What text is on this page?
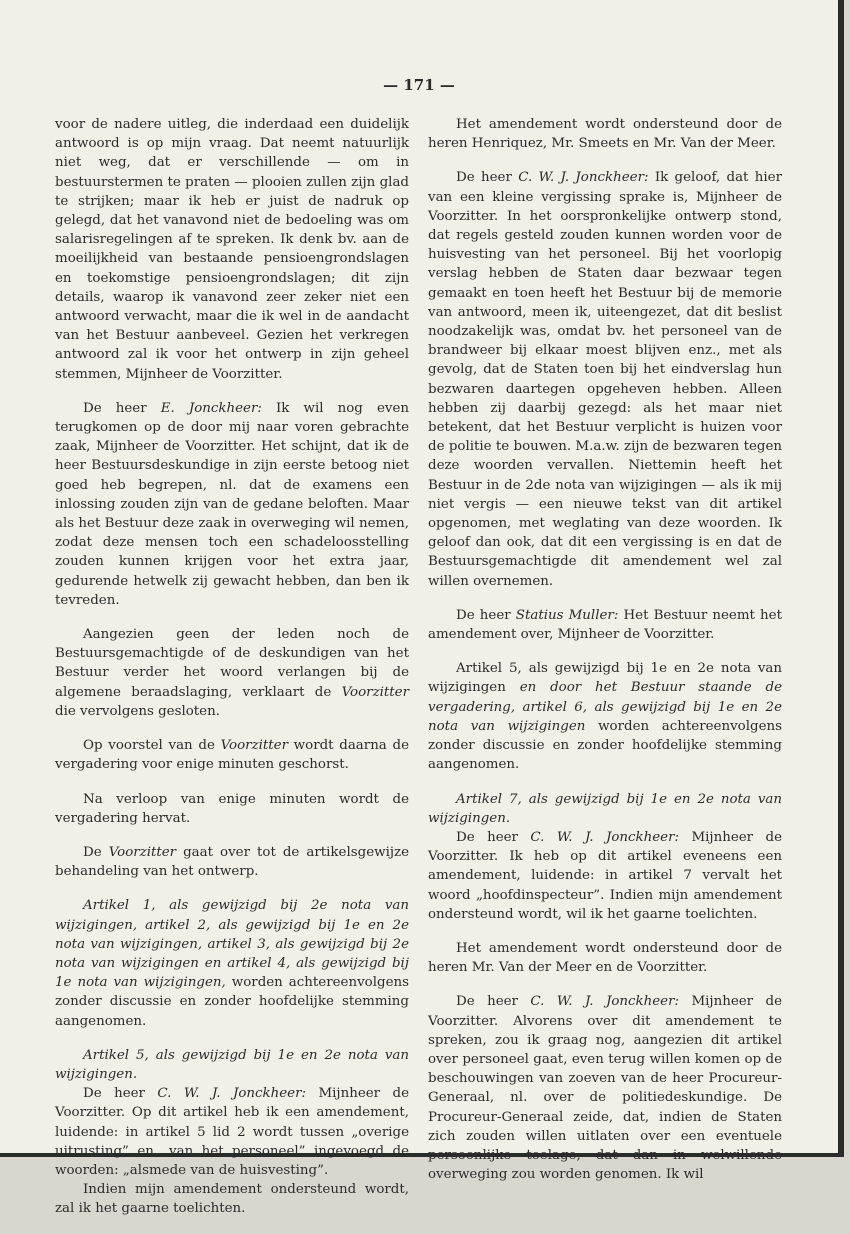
— 171 —

voor de nadere uitleg, die inderdaad een duidelijk antwoord is op mijn vraag. Dat neemt natuurlijk niet weg, dat er verschillende — om in bestuurstermen te praten — plooien zullen zijn glad te strijken; maar ik heb er juist de nadruk op gelegd, dat het vanavond niet de bedoeling was om salarisregelingen af te spreken. Ik denk bv. aan de moeilijkheid van bestaande pensioengrondslagen en toekomstige pensioengrondslagen; dit zijn details, waarop ik vanavond zeer zeker niet een antwoord verwacht, maar die ik wel in de aandacht van het Bestuur aanbeveel. Gezien het verkregen antwoord zal ik voor het ontwerp in zijn geheel stemmen, Mijnheer de Voorzitter.

De heer E. Jonckheer: Ik wil nog even terugkomen op de door mij naar voren gebrachte zaak, Mijnheer de Voorzitter. Het schijnt, dat ik de heer Bestuursdeskundige in zijn eerste betoog niet goed heb begrepen, nl. dat de examens een inlossing zouden zijn van de gedane beloften. Maar als het Bestuur deze zaak in overweging wil nemen, zodat deze mensen toch een schadeloosstelling zouden kunnen krijgen voor het extra jaar, gedurende hetwelk zij gewacht hebben, dan ben ik tevreden.

Aangezien geen der leden noch de Bestuursgemachtigde of de deskundigen van het Bestuur verder het woord verlangen bij de algemene beraadslaging, verklaart de Voorzitter die vervolgens gesloten.

Op voorstel van de Voorzitter wordt daarna de vergadering voor enige minuten geschorst.

Na verloop van enige minuten wordt de vergadering hervat.

De Voorzitter gaat over tot de artikelsgewijze behandeling van het ontwerp.

Artikel 1, als gewijzigd bij 2e nota van wijzigingen, artikel 2, als gewijzigd bij 1e en 2e nota van wijzigingen, artikel 3, als gewijzigd bij 2e nota van wijzigingen en artikel 4, als gewijzigd bij 1e nota van wijzigingen, worden achtereenvolgens zonder discussie en zonder hoofdelijke stemming aangenomen.

Artikel 5, als gewijzigd bij 1e en 2e nota van wijzigingen.

De heer C. W. J. Jonckheer: Mijnheer de Voorzitter. Op dit artikel heb ik een amendement, luidende: in artikel 5 lid 2 wordt tussen „overige uitrusting” en „van het personeel” ingevoegd de woorden: „alsmede van de huisvesting”.

Indien mijn amendement ondersteund wordt, zal ik het gaarne toelichten.

Het amendement wordt ondersteund door de heren Henriquez, Mr. Smeets en Mr. Van der Meer.

De heer C. W. J. Jonckheer: Ik geloof, dat hier van een kleine vergissing sprake is, Mijnheer de Voorzitter. In het oorspronkelijke ontwerp stond, dat regels gesteld zouden kunnen worden voor de huisvesting van het personeel. Bij het voorlopig verslag hebben de Staten daar bezwaar tegen gemaakt en toen heeft het Bestuur bij de memorie van antwoord, meen ik, uiteengezet, dat dit beslist noodzakelijk was, omdat bv. het personeel van de brandweer bij elkaar moest blijven enz., met als gevolg, dat de Staten toen bij het eindverslag hun bezwaren daartegen opgeheven hebben. Alleen hebben zij daarbij gezegd: als het maar niet betekent, dat het Bestuur verplicht is huizen voor de politie te bouwen. M.a.w. zijn de bezwaren tegen deze woorden vervallen. Niettemin heeft het Bestuur in de 2de nota van wijzigingen — als ik mij niet vergis — een nieuwe tekst van dit artikel opgenomen, met weglating van deze woorden. Ik geloof dan ook, dat dit een vergissing is en dat de Bestuursgemachtigde dit amendement wel zal willen overnemen.

De heer Statius Muller: Het Bestuur neemt het amendement over, Mijnheer de Voorzitter.

Artikel 5, als gewijzigd bij 1e en 2e nota van wijzigingen en door het Bestuur staande de vergadering, artikel 6, als gewijzigd bij 1e en 2e nota van wijzigingen worden achtereenvolgens zonder discussie en zonder hoofdelijke stemming aangenomen.

Artikel 7, als gewijzigd bij 1e en 2e nota van wijzigingen.

De heer C. W. J. Jonckheer: Mijnheer de Voorzitter. Ik heb op dit artikel eveneens een amendement, luidende: in artikel 7 vervalt het woord „hoofdinspecteur”. Indien mijn amendement ondersteund wordt, wil ik het gaarne toelichten.

Het amendement wordt ondersteund door de heren Mr. Van der Meer en de Voorzitter.

De heer C. W. J. Jonckheer: Mijnheer de Voorzitter. Alvorens over dit amendement te spreken, zou ik graag nog, aangezien dit artikel over personeel gaat, even terug willen komen op de beschouwingen van zoeven van de heer Procureur-Generaal, nl. over de politiedeskundige. De Procureur-Generaal zeide, dat, indien de Staten zich zouden willen uitlaten over een eventuele persoonlijke toelage, dat dan in welwillende overweging zou worden genomen. Ik wil
